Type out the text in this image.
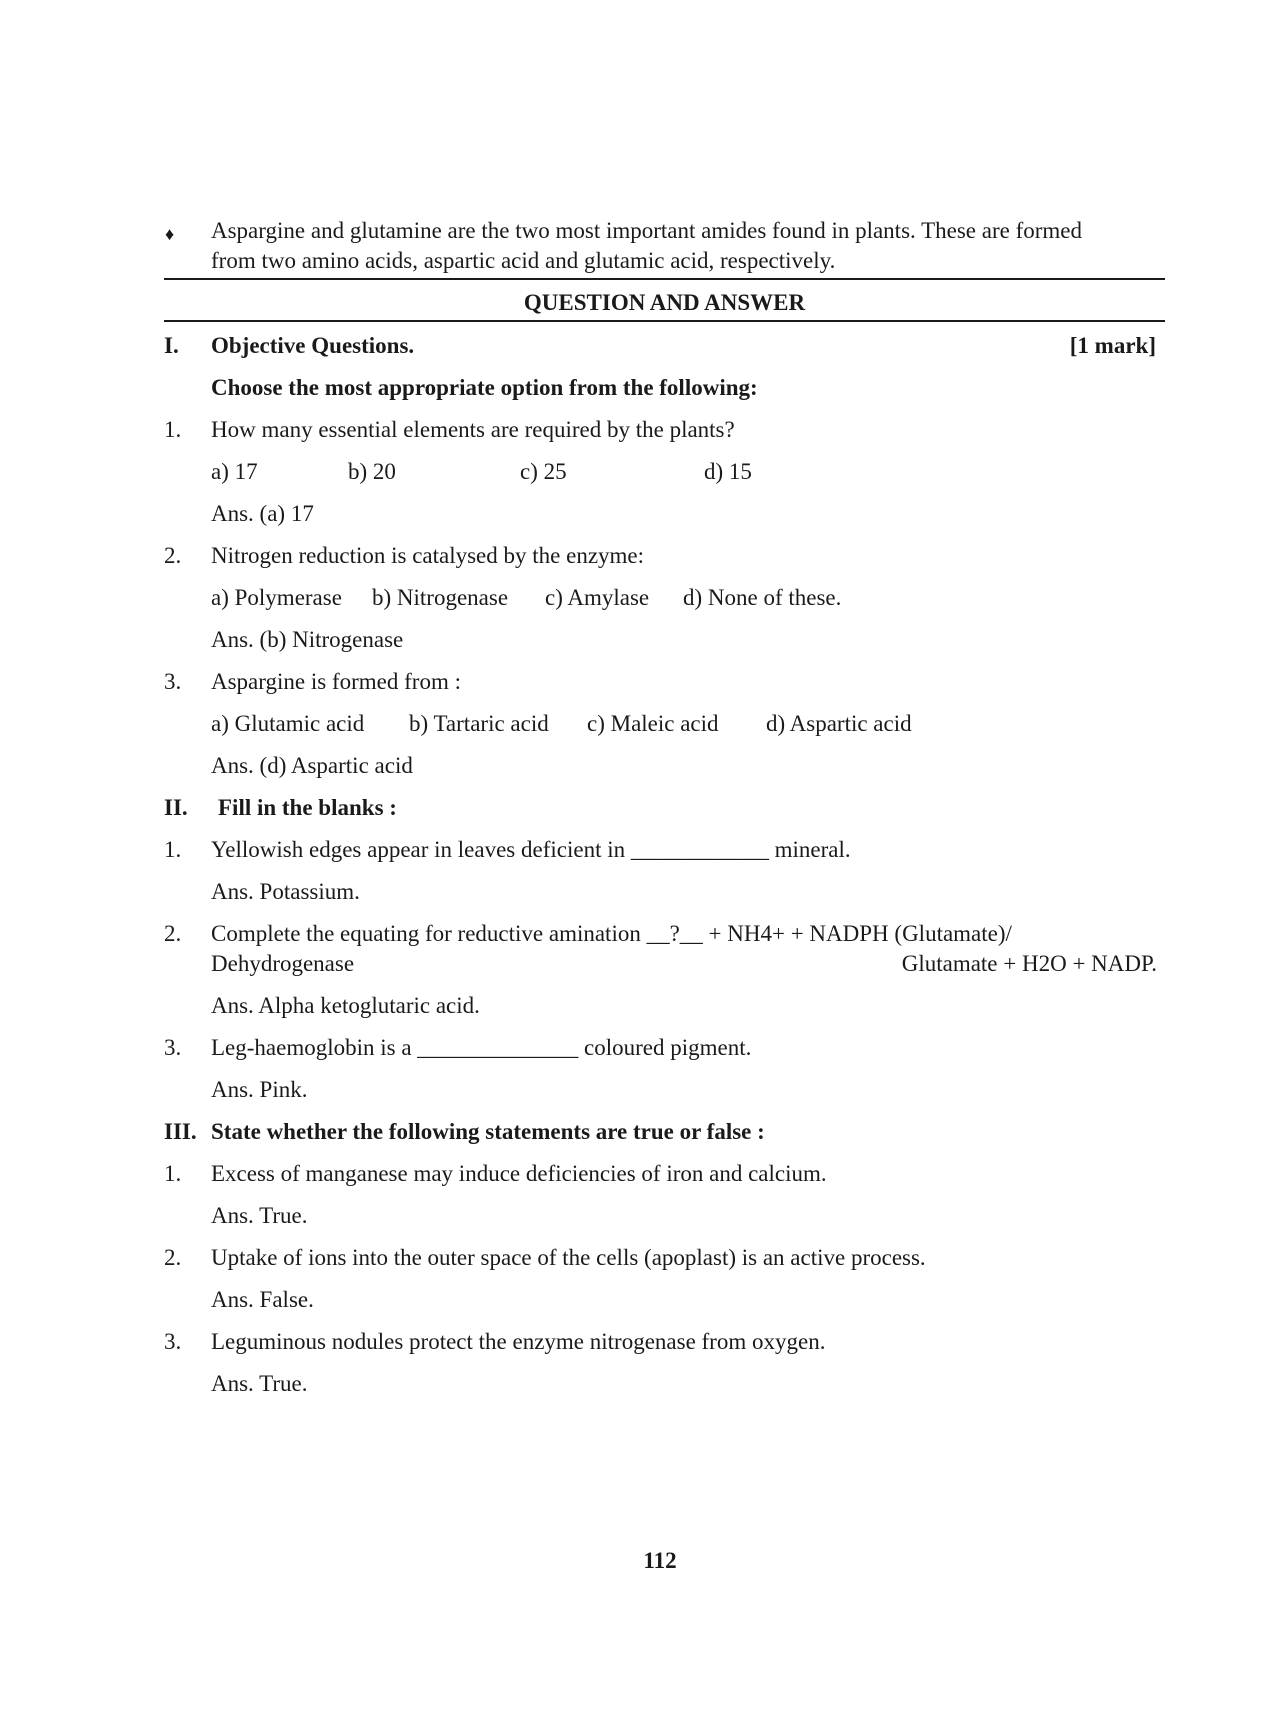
♦ Aspargine and glutamine are the two most important amides found in plants. These are formed
from two amino acids, aspartic acid and glutamic acid, respectively.
QUESTION AND ANSWER
I. Objective Questions.	[1 mark]
Choose the most appropriate option from the following:
1. How many essential elements are required by the plants?
a) 17	b) 20	c) 25	d) 15
Ans. (a) 17
2. Nitrogen reduction is catalysed by the enzyme:
a) Polymerase b) Nitrogenase c) Amylase d) None of these.
Ans. (b) Nitrogenase
3. Aspargine is formed from :
a) Glutamic acid b) Tartaric acid c) Maleic acid d) Aspartic acid
Ans. (d) Aspartic acid
II. Fill in the blanks :
1. Yellowish edges appear in leaves deficient in ____________ mineral.
Ans. Potassium.
2. Complete the equating for reductive amination __?__ + NH4+ + NADPH (Glutamate)/
Dehydrogenase	Glutamate + H2O + NADP.
Ans. Alpha ketoglutaric acid.
3. Leg-haemoglobin is a ______________ coloured pigment.
Ans. Pink.
III. State whether the following statements are true or false :
1. Excess of manganese may induce deficiencies of iron and calcium.
Ans. True.
2. Uptake of ions into the outer space of the cells (apoplast) is an active process.
Ans. False.
3. Leguminous nodules protect the enzyme nitrogenase from oxygen.
Ans. True.
112
